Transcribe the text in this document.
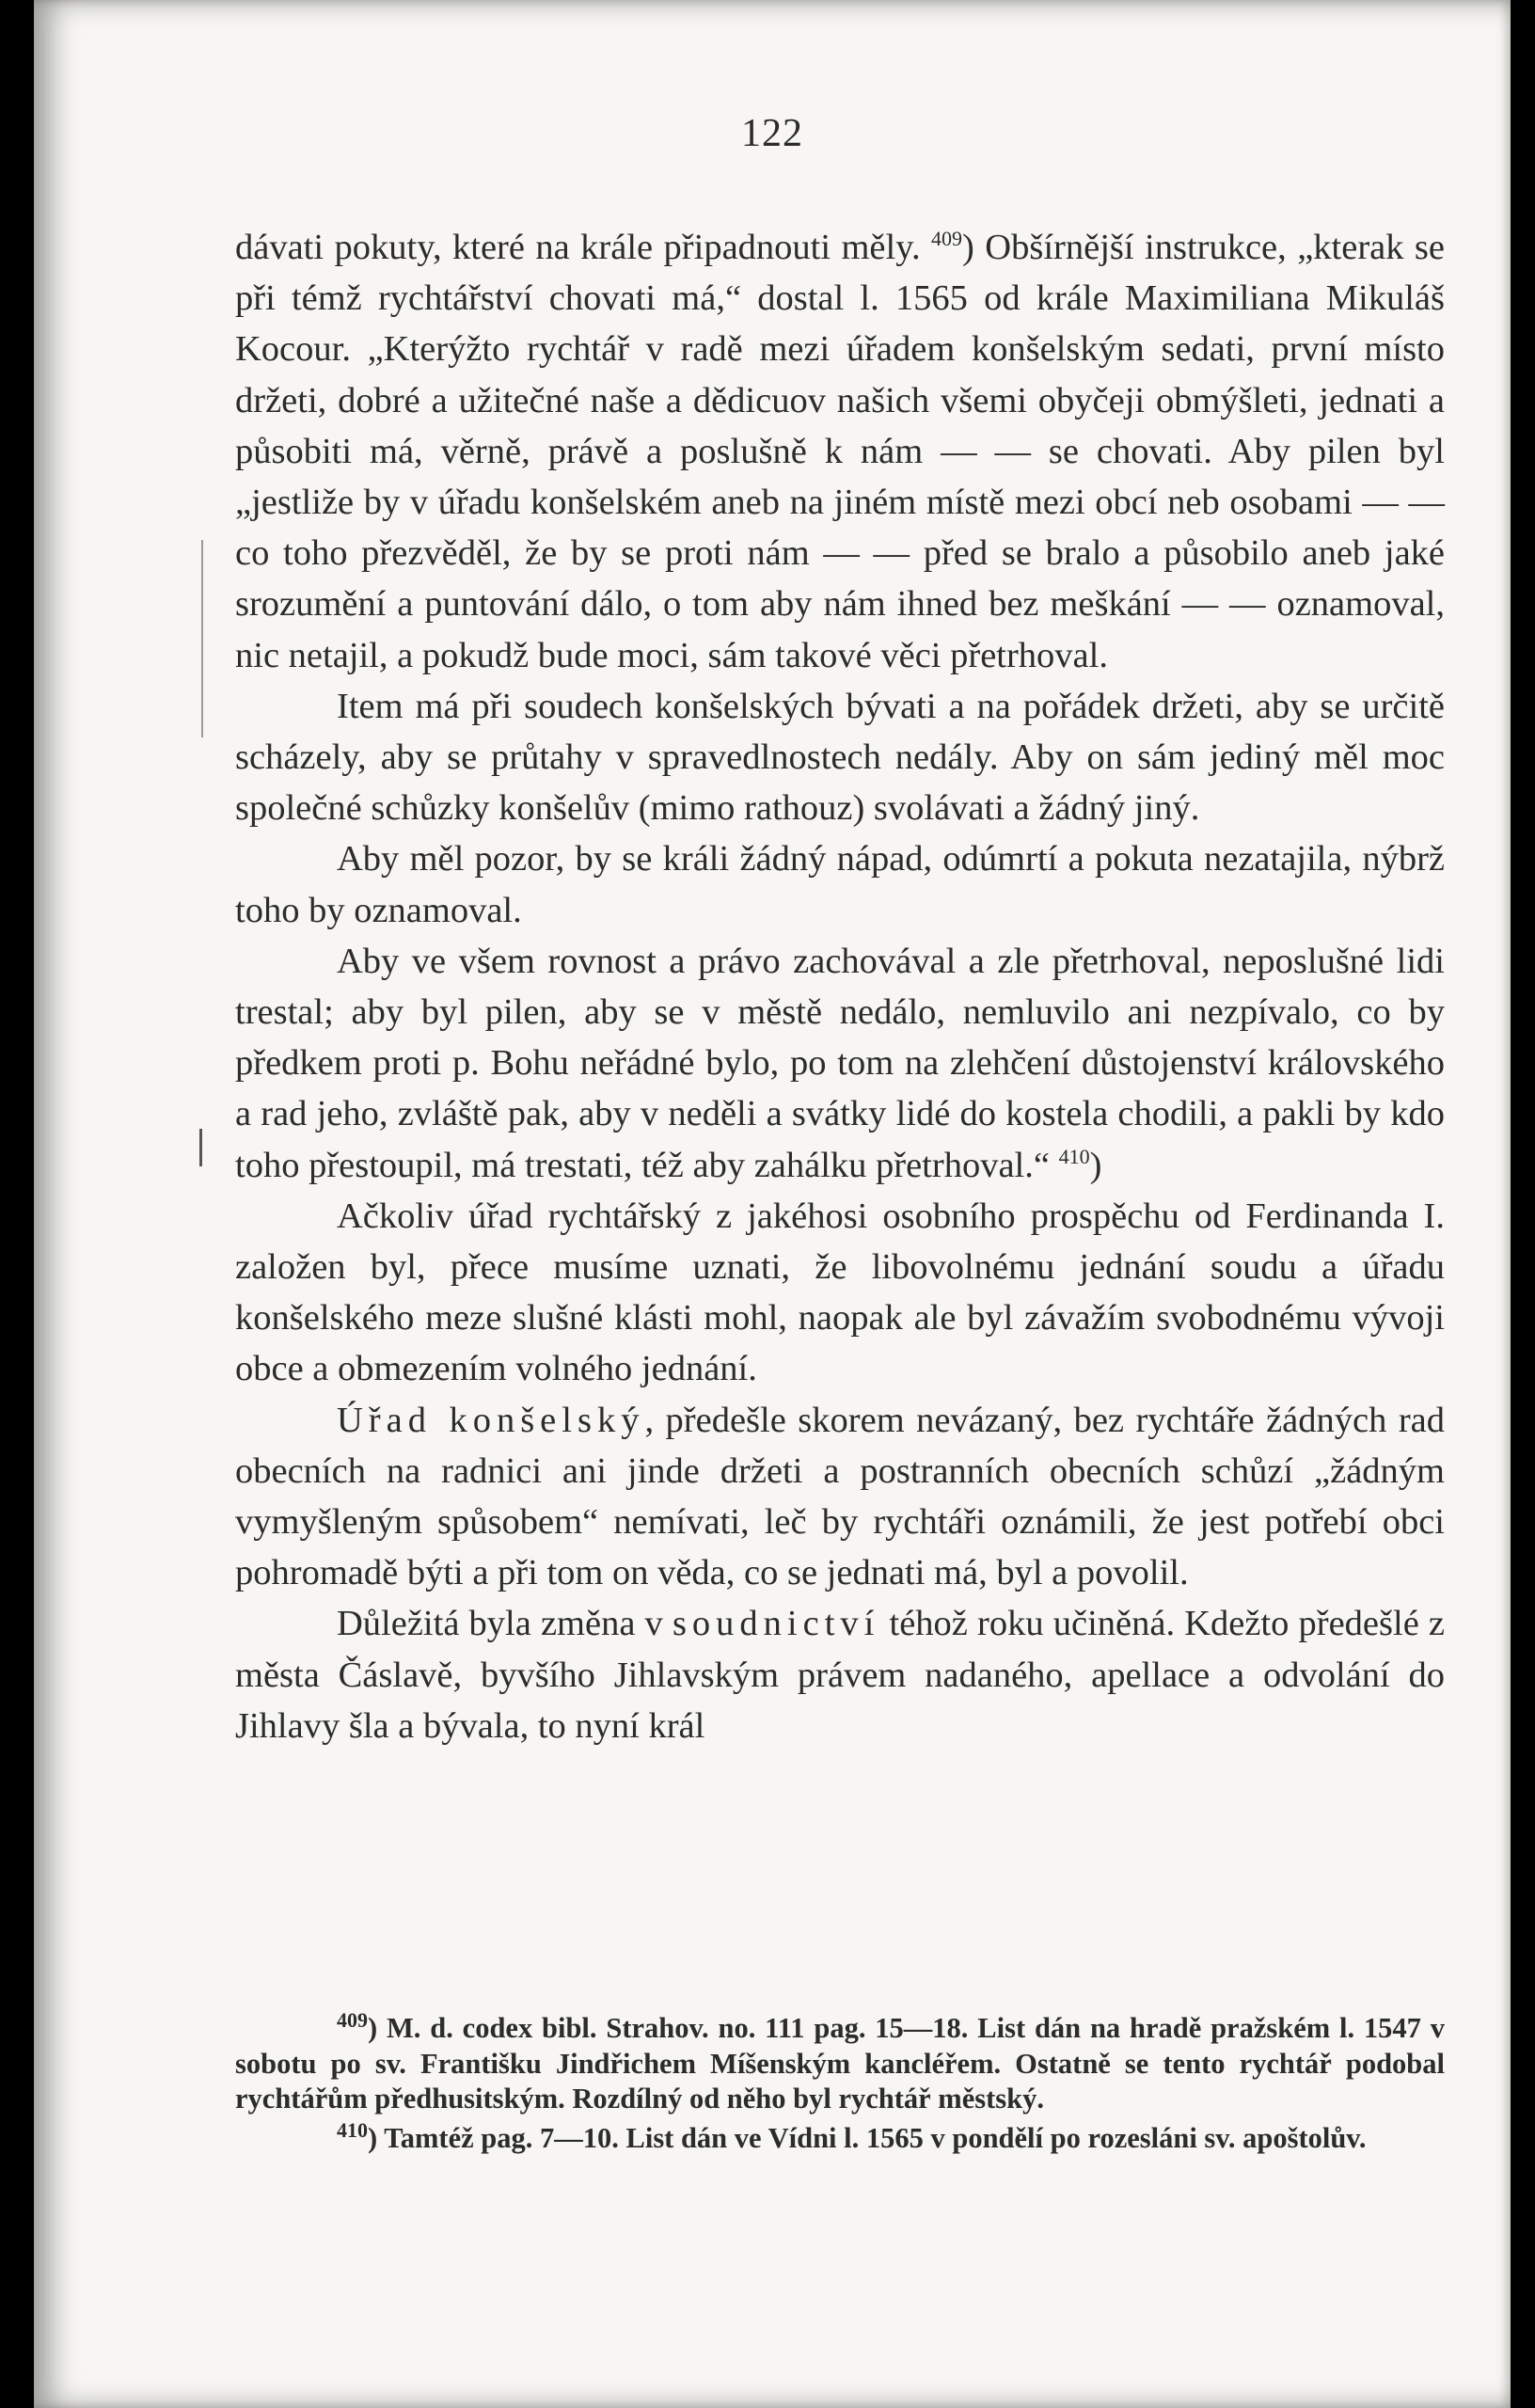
122

dávati pokuty, které na krále připadnouti měly. $^{409}$) Obšírnější instrukce, „kterak se při témž rychtářství chovati má,“ dostal l. 1565 od krále Maximiliana Mikuláš Kocour. „Kterýžto rychtář v radě mezi úřadem konšelským sedati, první místo držeti, dobré a užitečné naše a dědicuov našich všemi obyčeji obmýšleti, jednati a působiti má, věrně, právě a poslušně k nám — — se chovati. Aby pilen byl „jestliže by v úřadu konšelském aneb na jiném místě mezi obcí neb osobami — — co toho přezvěděl, že by se proti nám — — před se bralo a působilo aneb jaké srozumění a puntování dálo, o tom aby nám ihned bez meškání — — oznamoval, nic netajil, a pokudž bude moci, sám takové věci přetrhoval.

Item má při soudech konšelských bývati a na pořádek držeti, aby se určitě scházely, aby se průtahy v spravedlnostech nedály. Aby on sám jediný měl moc společné schůzky konšelův (mimo rathouz) svolávati a žádný jiný.

Aby měl pozor, by se králi žádný nápad, odúmrtí a pokuta nezatajila, nýbrž toho by oznamoval.

Aby ve všem rovnost a právo zachovával a zle přetrhoval, neposlušné lidi trestal; aby byl pilen, aby se v městě nedálo, nemluvilo ani nezpívalo, co by předkem proti p. Bohu neřádné bylo, po tom na zlehčení důstojenství královského a rad jeho, zvláště pak, aby v neděli a svátky lidé do kostela chodili, a pakli by kdo toho přestoupil, má trestati, též aby zahálku přetrhoval.“ $^{410}$)

Ačkoliv úřad rychtářský z jakéhosi osobního prospěchu od Ferdinanda I. založen byl, přece musíme uznati, že libovolnému jednání soudu a úřadu konšelského meze slušné klásti mohl, naopak ale byl závažím svobodnému vývoji obce a obmezením volného jednání.

Úřad konšelský, předešle skorem nevázaný, bez rychtáře žádných rad obecních na radnici ani jinde držeti a postranních obecních schůzí „žádným vymyšleným spůsobem“ nemívati, leč by rychtáři oznámili, že jest potřebí obci pohromadě býti a při tom on věda, co se jednati má, byl a povolil.

Důležitá byla změna v soudnictví téhož roku učiněná. Kdežto předešlé z města Čáslavě, byvšího Jihlavským právem nadaného, apellace a odvolání do Jihlavy šla a bývala, to nyní král

$^{409}$) M. d. codex bibl. Strahov. no. 111 pag. 15—18. List dán na hradě pražském l. 1547 v sobotu po sv. Františku Jindřichem Míšenským kancléřem. Ostatně se tento rychtář podobal rychtářům předhusitským. Rozdílný od něho byl rychtář městský.

$^{410}$) Tamtéž pag. 7—10. List dán ve Vídni l. 1565 v pondělí po rozesláni sv. apoštolův.
